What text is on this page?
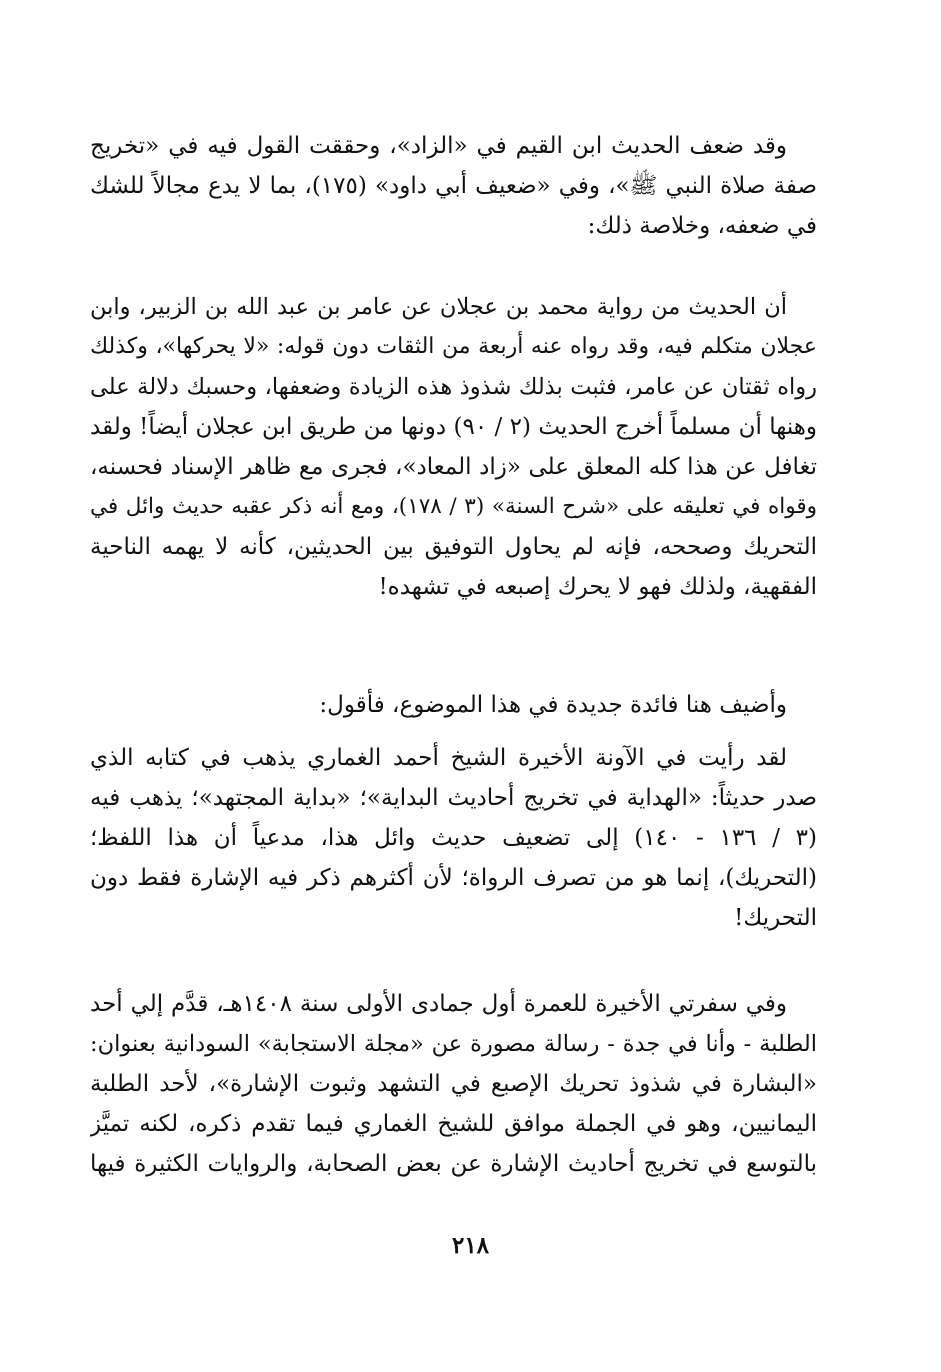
وقد ضعف الحديث ابن القيم في «الزاد»، وحققت القول فيه في «تخريج
صفة صلاة النبي ﷺ»، وفي «ضعيف أبي داود» (١٧٥)، بما لا يدع مجالاً للشك
في ضعفه، وخلاصة ذلك:
أن الحديث من رواية محمد بن عجلان عن عامر بن عبد الله بن الزبير، وابن
عجلان متكلم فيه، وقد رواه عنه أربعة من الثقات دون قوله: «لا يحركها»، وكذلك
رواه ثقتان عن عامر، فثبت بذلك شذوذ هذه الزيادة وضعفها، وحسبك دلالة على
وهنها أن مسلماً أخرج الحديث (٢ / ٩٠) دونها من طريق ابن عجلان أيضاً! ولقد
تغافل عن هذا كله المعلق على «زاد المعاد»، فجرى مع ظاهر الإسناد فحسنه،
وقواه في تعليقه على «شرح السنة» (٣ / ١٧٨)، ومع أنه ذكر عقبه حديث وائل في
التحريك وصححه، فإنه لم يحاول التوفيق بين الحديثين، كأنه لا يهمه الناحية
الفقهية، ولذلك فهو لا يحرك إصبعه في تشهده!
وأضيف هنا فائدة جديدة في هذا الموضوع، فأقول:
لقد رأيت في الآونة الأخيرة الشيخ أحمد الغماري يذهب في كتابه الذي
صدر حديثاً: «الهداية في تخريج أحاديث البداية»؛ «بداية المجتهد»؛ يذهب فيه
(٣ / ١٣٦ - ١٤٠) إلى تضعيف حديث وائل هذا، مدعياً أن هذا اللفظ؛
(التحريك)، إنما هو من تصرف الرواة؛ لأن أكثرهم ذكر فيه الإشارة فقط دون
التحريك!
وفي سفرتي الأخيرة للعمرة أول جمادى الأولى سنة ١٤٠٨هـ، قدَّم إلي أحد
الطلبة - وأنا في جدة - رسالة مصورة عن «مجلة الاستجابة» السودانية بعنوان:
«البشارة في شذوذ تحريك الإصبع في التشهد وثبوت الإشارة»، لأحد الطلبة
اليمانيين، وهو في الجملة موافق للشيخ الغماري فيما تقدم ذكره، لكنه تميَّز
بالتوسع في تخريج أحاديث الإشارة عن بعض الصحابة، والروايات الكثيرة فيها
٢١٨
